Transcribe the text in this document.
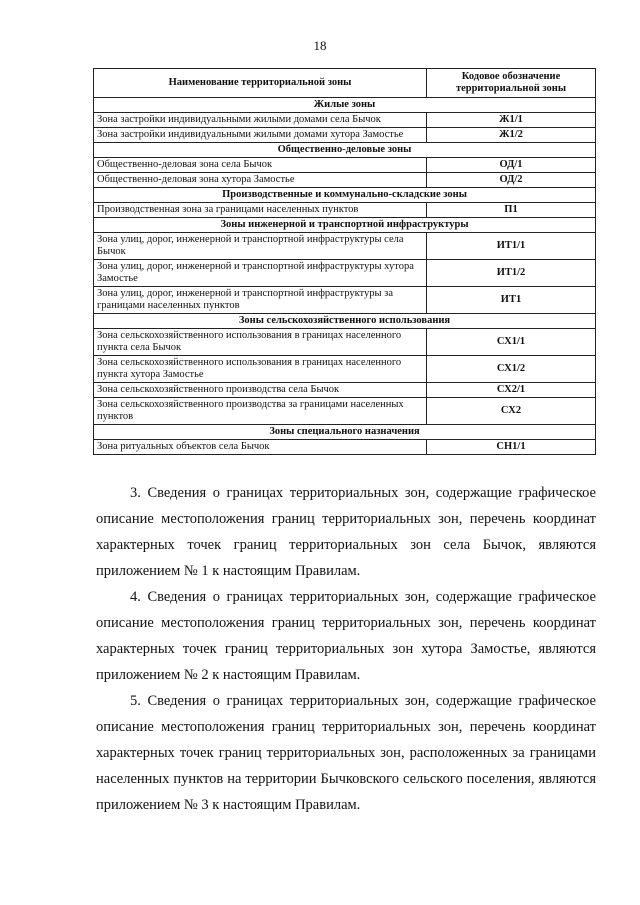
18
Наименование территориальной зоны	Кодовое обозначение территориальной зоны
Жилые зоны	
Зона застройки индивидуальными жилыми домами села Бычок	Ж1/1
Зона застройки индивидуальными жилыми домами хутора Замостье	Ж1/2
Общественно-деловые зоны	
Общественно-деловая зона села Бычок	ОД/1
Общественно-деловая зона хутора Замостье	ОД/2
Производственные и коммунально-складские зоны	
Производственная зона за границами населенных пунктов	П1
Зоны инженерной и транспортной инфраструктуры	
Зона улиц, дорог, инженерной и транспортной инфраструктуры села Бычок	ИТ1/1
Зона улиц, дорог, инженерной и транспортной инфраструктуры хутора Замостье	ИТ1/2
Зона улиц, дорог, инженерной и транспортной инфраструктуры за границами населенных пунктов	ИТ1
Зоны сельскохозяйственного использования	
Зона сельскохозяйственного использования в границах населенного пункта села Бычок	СХ1/1
Зона сельскохозяйственного использования в границах населенного пункта хутора Замостье	СХ1/2
Зона сельскохозяйственного производства села Бычок	СХ2/1
Зона сельскохозяйственного производства за границами населенных пунктов	СХ2
Зоны специального назначения	
Зона ритуальных объектов села Бычок	СН1/1

3. Сведения о границах территориальных зон, содержащие графическое описание местоположения границ территориальных зон, перечень координат характерных точек границ территориальных зон села Бычок, являются приложением № 1 к настоящим Правилам.

4. Сведения о границах территориальных зон, содержащие графическое описание местоположения границ территориальных зон, перечень координат характерных точек границ территориальных зон хутора Замостье, являются приложением № 2 к настоящим Правилам.

5. Сведения о границах территориальных зон, содержащие графическое описание местоположения границ территориальных зон, перечень координат характерных точек границ территориальных зон, расположенных за границами населенных пунктов на территории Бычковского сельского поселения, являются приложением № 3 к настоящим Правилам.
